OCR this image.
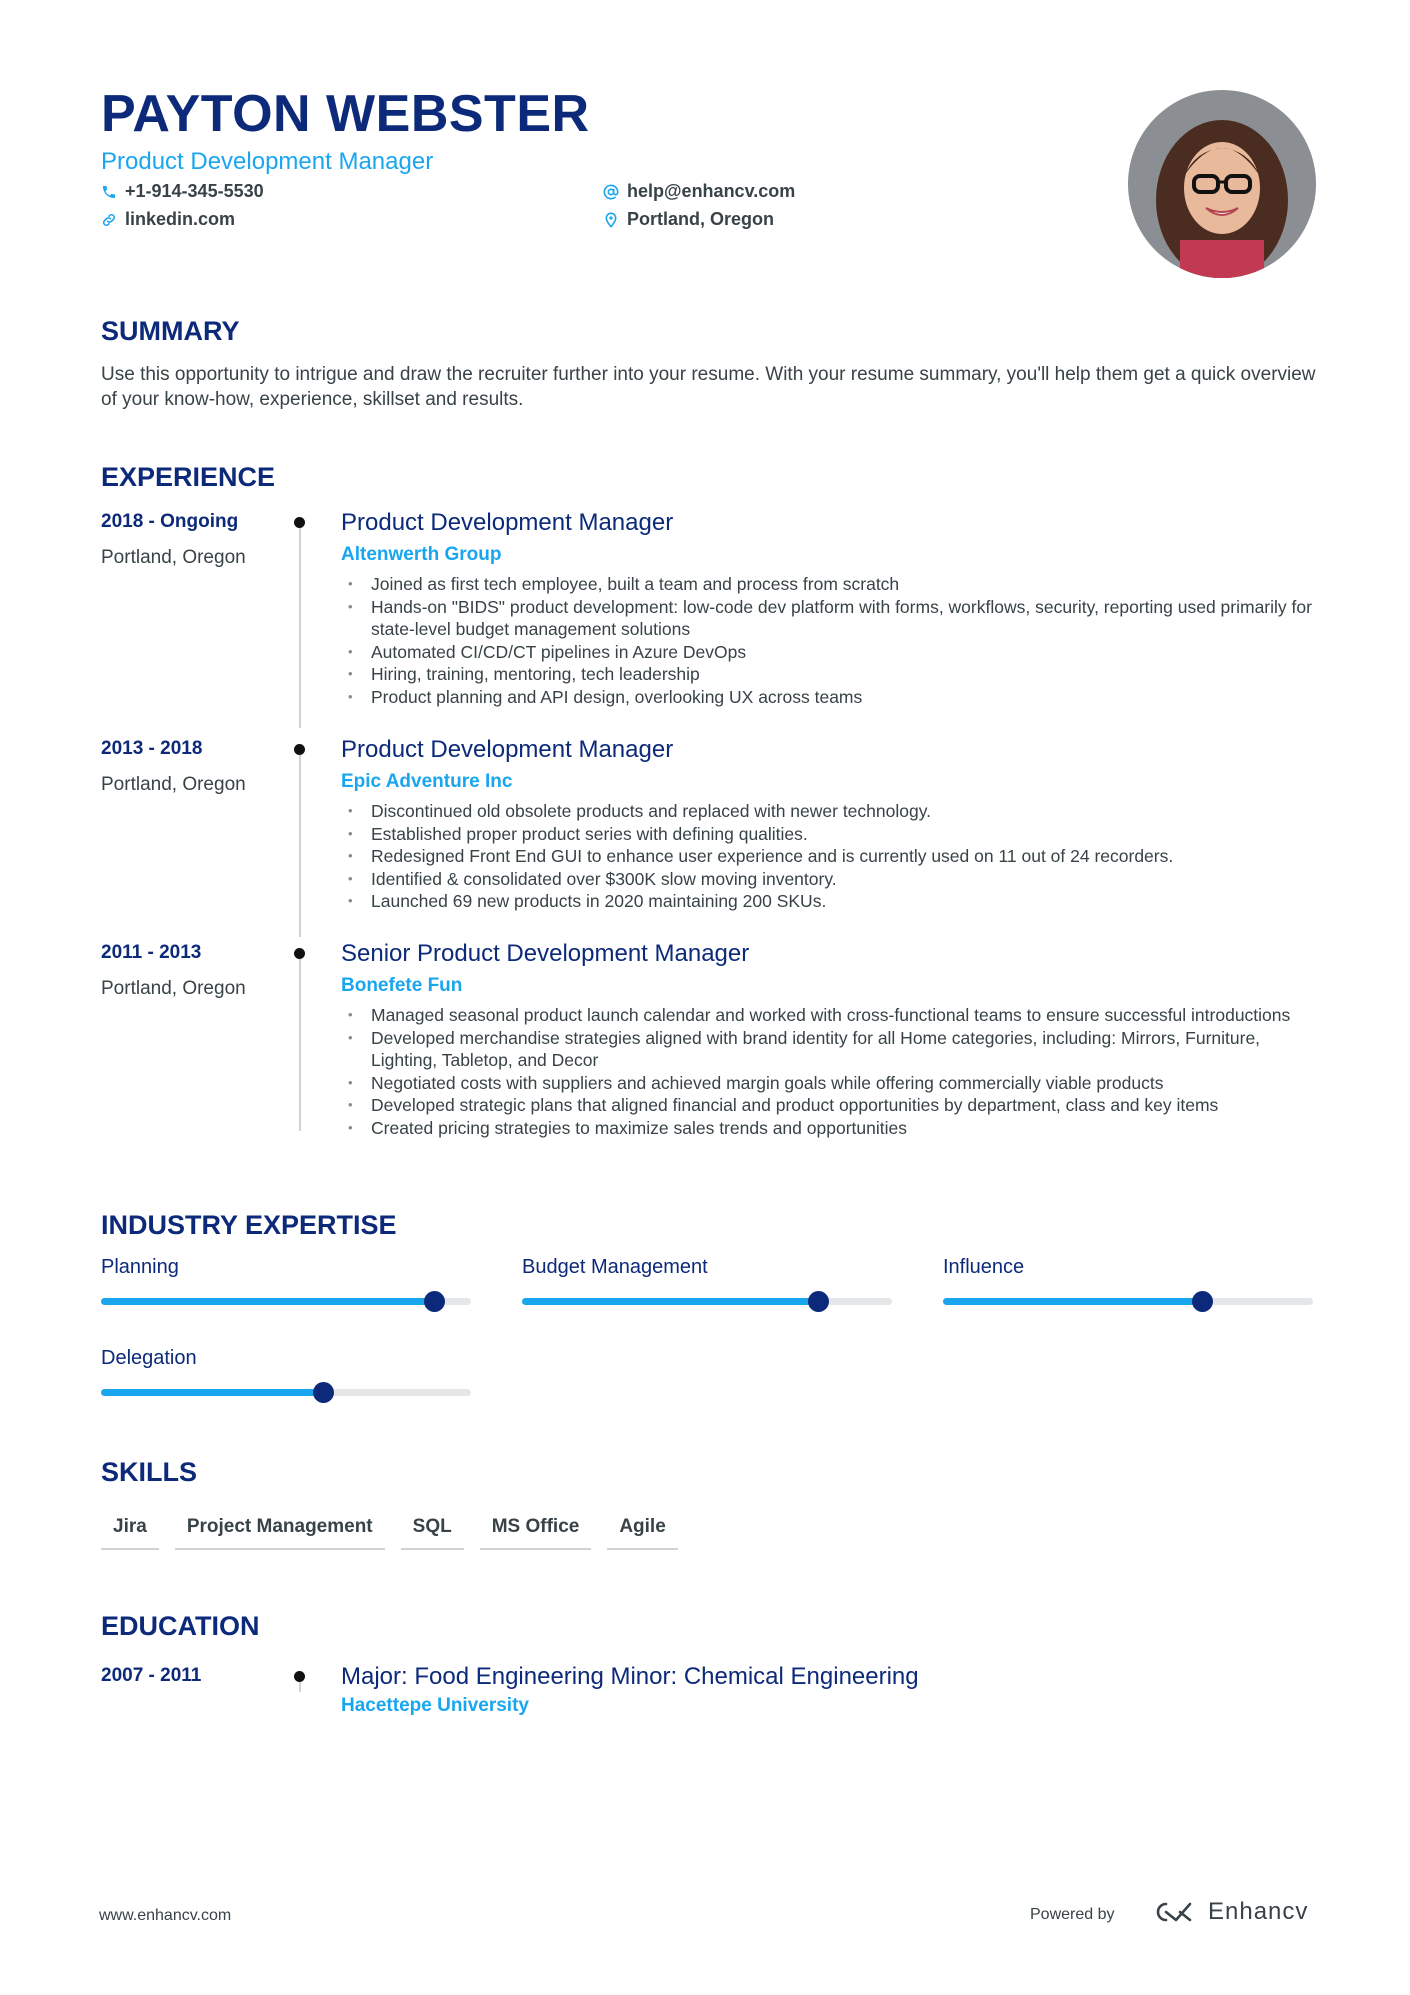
PAYTON WEBSTER
Product Development Manager
+1-914-345-5530
linkedin.com
help@enhancv.com
Portland, Oregon
SUMMARY
Use this opportunity to intrigue and draw the recruiter further into your resume. With your resume summary, you'll help them get a quick overview of your know-how, experience, skillset and results.
EXPERIENCE
2018 - Ongoing
Portland, Oregon
Product Development Manager
Altenwerth Group
• Joined as first tech employee, built a team and process from scratch
• Hands-on "BIDS" product development: low-code dev platform with forms, workflows, security, reporting used primarily for state-level budget management solutions
• Automated CI/CD/CT pipelines in Azure DevOps
• Hiring, training, mentoring, tech leadership
• Product planning and API design, overlooking UX across teams
2013 - 2018
Portland, Oregon
Product Development Manager
Epic Adventure Inc
• Discontinued old obsolete products and replaced with newer technology.
• Established proper product series with defining qualities.
• Redesigned Front End GUI to enhance user experience and is currently used on 11 out of 24 recorders.
• Identified & consolidated over $300K slow moving inventory.
• Launched 69 new products in 2020 maintaining 200 SKUs.
2011 - 2013
Portland, Oregon
Senior Product Development Manager
Bonefete Fun
• Managed seasonal product launch calendar and worked with cross-functional teams to ensure successful introductions
• Developed merchandise strategies aligned with brand identity for all Home categories, including: Mirrors, Furniture, Lighting, Tabletop, and Decor
• Negotiated costs with suppliers and achieved margin goals while offering commercially viable products
• Developed strategic plans that aligned financial and product opportunities by department, class and key items
• Created pricing strategies to maximize sales trends and opportunities
INDUSTRY EXPERTISE
Planning	Budget Management	Influence
Delegation
SKILLS
Jira	Project Management	SQL	MS Office	Agile
EDUCATION
2007 - 2011	Major: Food Engineering Minor: Chemical Engineering
Hacettepe University
www.enhancv.com	Powered by	Enhancv
